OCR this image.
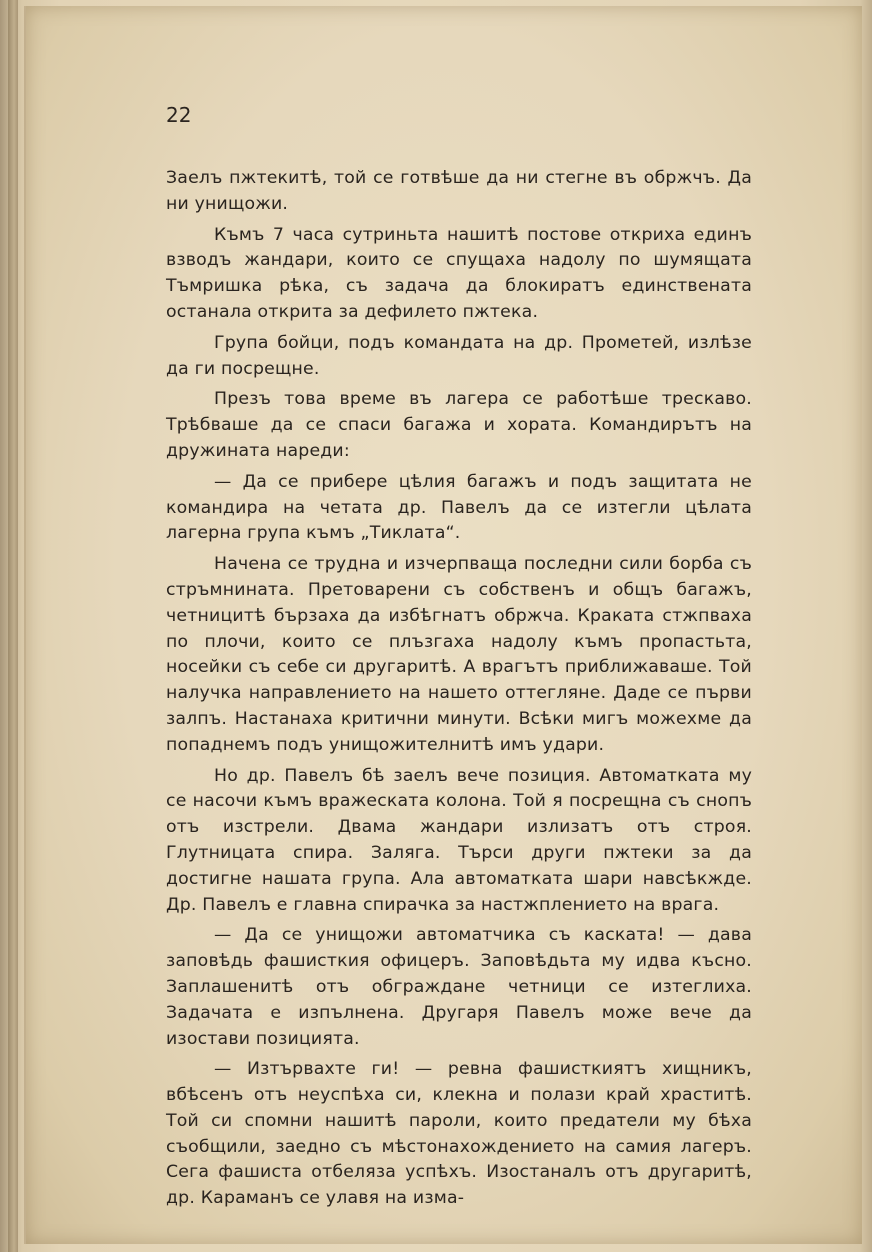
22

Заелъ пжтекитѣ, той се готвѣше да ни стегне въ обржчъ. Да ни унищожи.

Къмъ 7 часа сутриньта нашитѣ постове откриха единъ взводъ жандари, които се спущаха надолу по шумящата Тъмришка рѣка, съ задача да блокиратъ единствената останала открита за дефилето пжтека.

Група бойци, подъ командата на др. Прометей, излѣзе да ги посрещне.

Презъ това време въ лагера се работѣше трескаво. Трѣбваше да се спаси багажа и хората. Командирътъ на дружината нареди:

— Да се прибере цѣлия багажъ и подъ защитата не командира на четата др. Павелъ да се изтегли цѣлата лагерна група къмъ „Тиклата“.

Начена се трудна и изчерпваща последни сили борба съ стръмнината. Претоварени съ собственъ и общъ багажъ, четницитѣ бързаха да избѣгнатъ обржча. Краката стжпваха по плочи, които се плъзгаха надолу къмъ пропастьта, носейки съ себе си другаритѣ. А врагътъ приближаваше. Той налучка направлението на нашето оттегляне. Даде се първи залпъ. Настанаха критични минути. Всѣки мигъ можехме да попаднемъ подъ унищожителнитѣ имъ удари.

Но др. Павелъ бѣ заелъ вече позиция. Автоматката му се насочи къмъ вражеската колона. Той я посрещна съ снопъ отъ изстрели. Двама жандари излизатъ отъ строя. Глутницата спира. Заляга. Търси други пжтеки за да достигне нашата група. Ала автоматката шари навсѣкжде. Др. Павелъ е главна спирачка за настжплението на врага.

— Да се унищожи автоматчика съ каската! — дава заповѣдь фашисткия офицеръ. Заповѣдьта му идва късно. Заплашенитѣ отъ обграждане четници се изтеглиха. Задачата е изпълнена. Другаря Павелъ може вече да изостави позицията.

— Изтървахте ги! — ревна фашисткиятъ хищникъ, вбѣсенъ отъ неуспѣха си, клекна и полази край храститѣ. Той си спомни нашитѣ пароли, които предатели му бѣха съобщили, заедно съ мѣстонахождението на самия лагеръ. Сега фашиста отбеляза успѣхъ. Изостаналъ отъ другаритѣ, др. Караманъ се улавя на изма-
